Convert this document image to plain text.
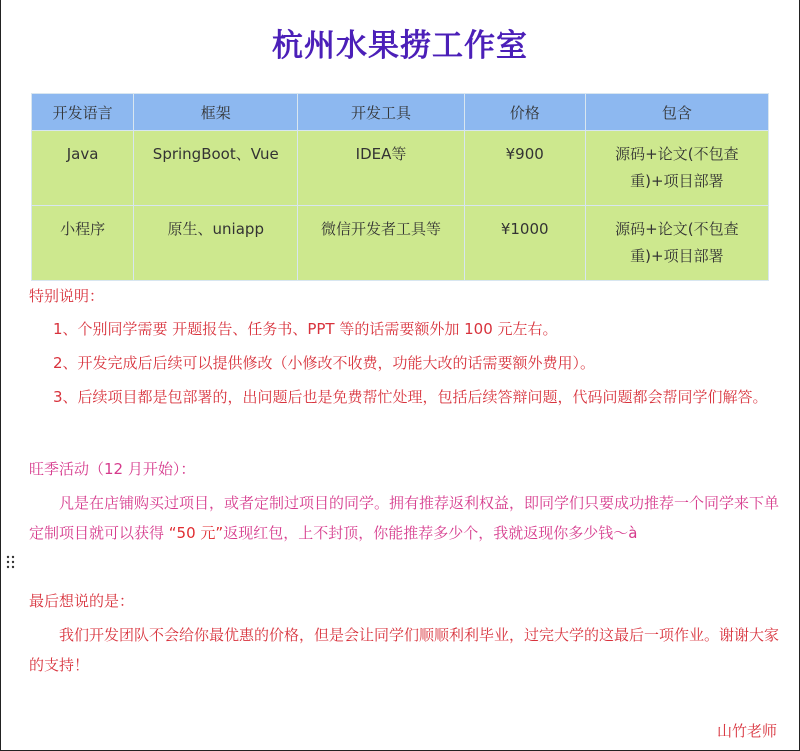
杭州水果捞工作室
开发语言	框架	开发工具	价格	包含
Java	SpringBoot、Vue	IDEA等	¥900	源码+论文(不包查重)+项目部署
小程序	原生、uniapp	微信开发者工具等	¥1000	源码+论文(不包查重)+项目部署
特别说明：
1、个别同学需要 开题报告、任务书、PPT 等的话需要额外加 100 元左右。
2、开发完成后后续可以提供修改（小修改不收费，功能大改的话需要额外费用）。
3、后续项目都是包部署的，出问题后也是免费帮忙处理，包括后续答辩问题，代码问题都会帮同学们解答。
旺季活动（12 月开始）：
凡是在店铺购买过项目，或者定制过项目的同学。拥有推荐返利权益，即同学们只要成功推荐一个同学来下单定制项目就可以获得 “50 元”返现红包，上不封顶，你能推荐多少个，我就返现你多少钱～à
最后想说的是：
我们开发团队不会给你最优惠的价格，但是会让同学们顺顺利利毕业，过完大学的这最后一项作业。谢谢大家的支持！
山竹老师
